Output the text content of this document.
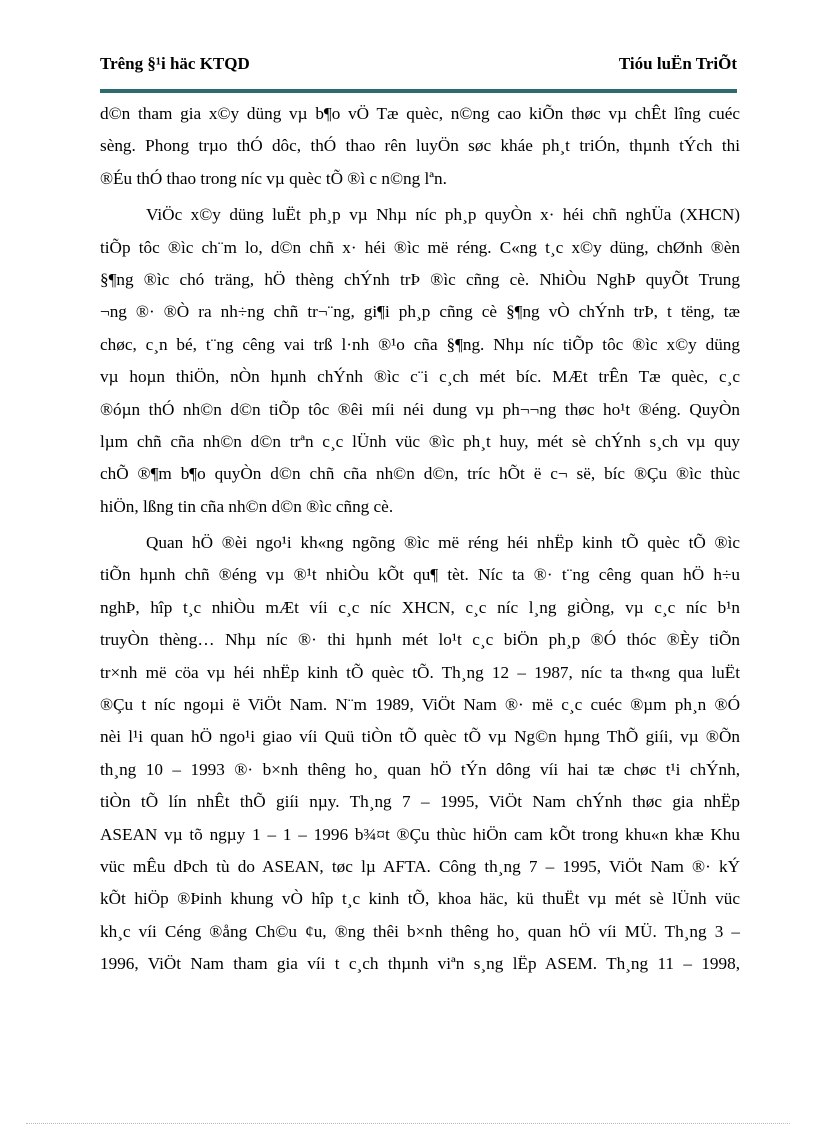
Trêng §¹i häc KTQD	Tióu luËn TriÕt
d©n tham gia x©y düng vµ b¶o vÖ Tæ quèc, n©ng cao kiÕn thøc vµ chÊt lîng cuéc
sèng. Phong trµo thÓ dôc, thÓ thao rên luyÖn søc kháe ph¸t triÓn, thµnh tÝch thi
®Éu thÓ thao trong níc vµ quèc tÕ ®ì c n©ng lªn.
ViÖc x©y düng luËt ph¸p vµ Nhµ níc ph¸p quyÒn x· héi chñ nghÜa (XHCN)
tiÕp tôc ®ìc ch¨m lo, d©n chñ x· héi ®ìc më réng. C«ng t¸c x©y düng, chØnh ®èn
§¶ng ®ìc chó träng, hÖ thèng chÝnh trÞ ®ìc cñng cè. NhiÒu NghÞ quyÕt Trung
¬ng ®· ®Ò ra nh÷ng chñ tr¬¨ng, gi¶i ph¸p cñng cè §¶ng vÒ chÝnh trÞ, t tëng, tæ
chøc, c¸n bé, t¨ng cêng vai trß l·nh ®¹o cña §¶ng. Nhµ níc tiÕp tôc ®ìc x©y düng
vµ hoµn thiÖn, nÒn hµnh chÝnh ®ìc c¨i c¸ch mét bíc. MÆt trÊn Tæ quèc, c¸c
®óµn thÓ nh©n d©n tiÕp tôc ®êi míi néi dung vµ ph¬¬ng thøc ho¹t ®éng. QuyÒn
lµm chñ cña nh©n d©n trªn c¸c lÜnh vüc ®ìc ph¸t huy, mét sè chÝnh s¸ch vµ quy
chÕ ®¶m b¶o quyÒn d©n chñ cña nh©n d©n, tríc hÕt ë c¬ së, bíc ®Çu ®ìc thùc
hiÖn, lßng tin cña nh©n d©n ®ìc cñng cè.
Quan hÖ ®èi ngo¹i kh«ng ngõng ®ìc më réng héi nhËp kinh tÕ quèc tÕ ®ìc
tiÕn hµnh chñ ®éng vµ ®¹t nhiÒu kÕt qu¶ tèt. Níc ta ®· t¨ng cêng quan hÖ h÷u
nghÞ, hîp t¸c nhiÒu mÆt víi c¸c níc XHCN, c¸c níc l¸ng giÒng, vµ c¸c níc b¹n
truyÒn thèng… Nhµ níc ®· thi hµnh mét lo¹t c¸c biÖn ph¸p ®Ó thóc ®Èy tiÕn
tr×nh më cöa vµ héi nhËp kinh tÕ quèc tÕ. Th¸ng 12 – 1987, níc ta th«ng qua luËt
®Çu t níc ngoµi ë ViÖt Nam. N¨m 1989, ViÖt Nam ®· më c¸c cuéc ®µm ph¸n ®Ó
nèi l¹i quan hÖ ngo¹i giao víi Quü tiÒn tÕ quèc tÕ vµ Ng©n hµng ThÕ giíi, vµ ®Õn
th¸ng 10 – 1993 ®· b×nh thêng ho¸ quan hÖ tÝn dông víi hai tæ chøc t¹i chÝnh,
tiÒn tÕ lín nhÊt thÕ giíi nµy. Th¸ng 7 – 1995, ViÖt Nam chÝnh thøc gia nhËp
ASEAN vµ tõ ngµy 1 – 1 – 1996 b¾¤t ®Çu thùc hiÖn cam kÕt trong khu«n khæ Khu
vüc mÊu dÞch tù do ASEAN, tøc lµ AFTA. Công th¸ng 7 – 1995, ViÖt Nam ®· kÝ
kÕt hiÖp ®Þinh khung vÒ hîp t¸c kinh tÕ, khoa häc, kü thuËt vµ mét sè lÜnh vüc
kh¸c víi Céng ®ång Ch©u ¢u, ®ng thêi b×nh thêng ho¸ quan hÖ víi MÜ. Th¸ng 3 –
1996, ViÖt Nam tham gia víi t c¸ch thµnh viªn s¸ng lËp ASEM. Th¸ng 11 – 1998,
